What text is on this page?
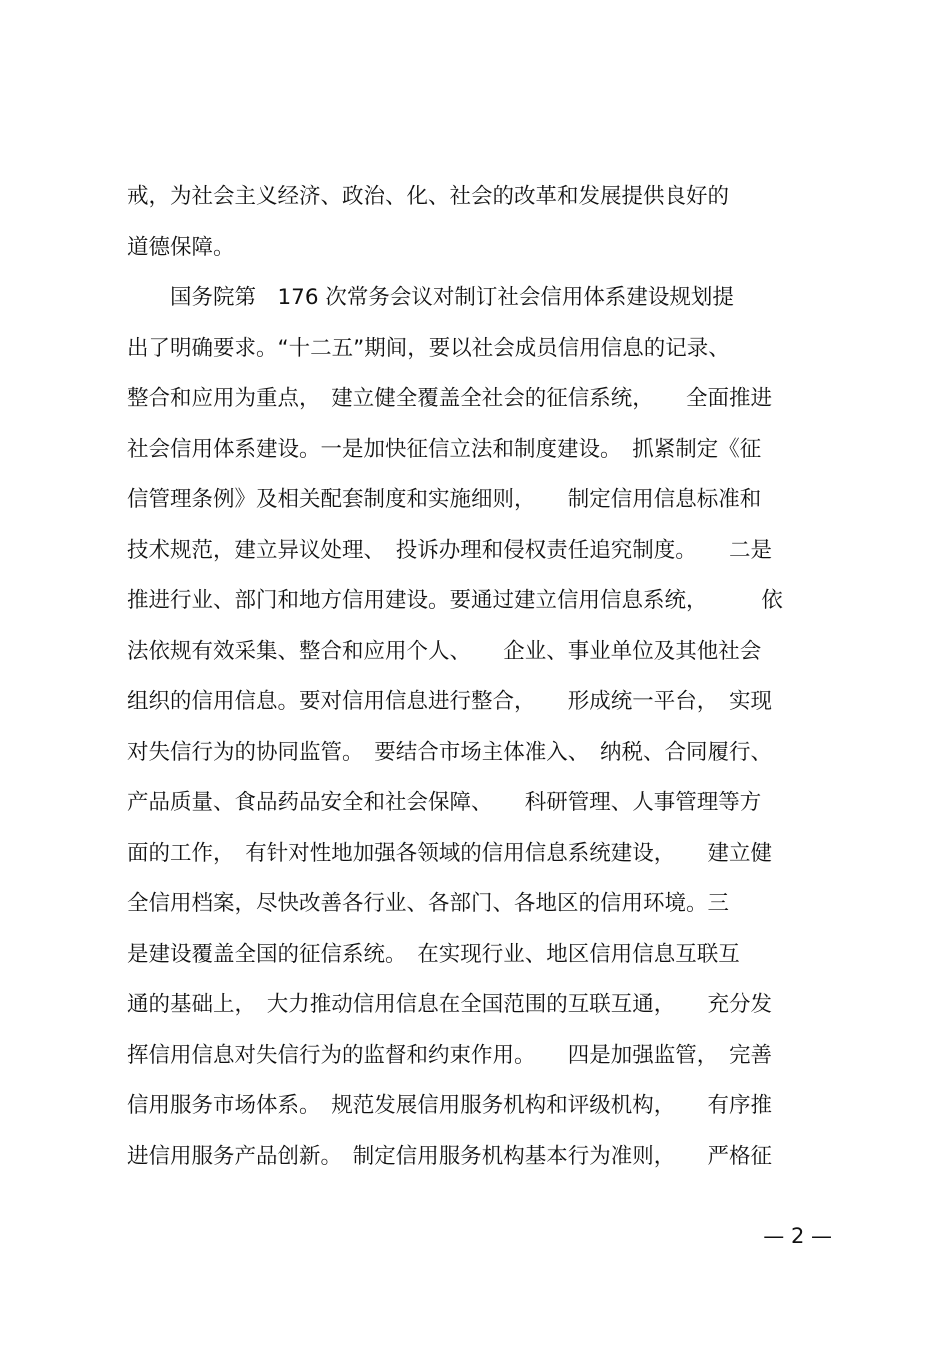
戒，为社会主义经济、政治、化、社会的改革和发展提供良好的
道德保障。
　　国务院第　176 次常务会议对制订社会信用体系建设规划提
出了明确要求。“十二五”期间，要以社会成员信用信息的记录、
整合和应用为重点，　建立健全覆盖全社会的征信系统，　　全面推进
社会信用体系建设。一是加快征信立法和制度建设。　抓紧制定《征
信管理条例》及相关配套制度和实施细则，　　制定信用信息标准和
技术规范，建立异议处理、　投诉办理和侵权责任追究制度。　　二是
推进行业、部门和地方信用建设。要通过建立信用信息系统，　　　依
法依规有效采集、整合和应用个人、　　企业、事业单位及其他社会
组织的信用信息。要对信用信息进行整合，　　形成统一平台，　实现
对失信行为的协同监管。　要结合市场主体准入、　纳税、合同履行、
产品质量、食品药品安全和社会保障、　　科研管理、人事管理等方
面的工作，　有针对性地加强各领域的信用信息系统建设，　　建立健
全信用档案，尽快改善各行业、各部门、各地区的信用环境。三
是建设覆盖全国的征信系统。　在实现行业、地区信用信息互联互
通的基础上，　大力推动信用信息在全国范围的互联互通，　　充分发
挥信用信息对失信行为的监督和约束作用。　　四是加强监管，　完善
信用服务市场体系。　规范发展信用服务机构和评级机构，　　有序推
进信用服务产品创新。　制定信用服务机构基本行为准则，　　严格征
— 2 —
